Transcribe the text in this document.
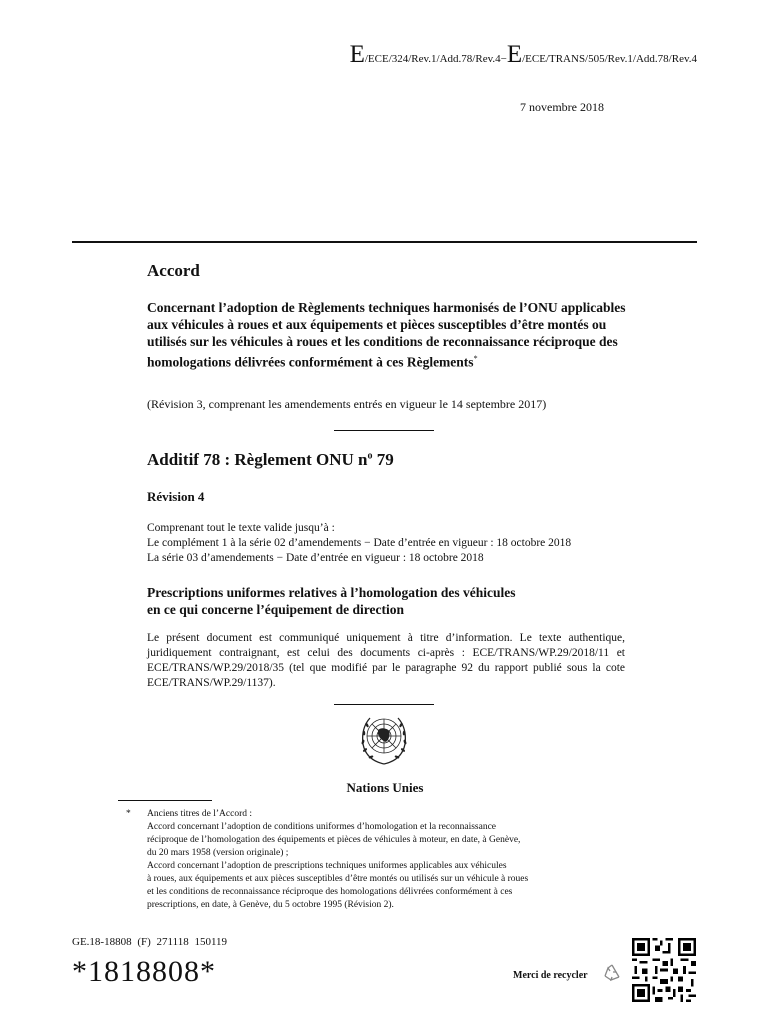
E/ECE/324/Rev.1/Add.78/Rev.4−E/ECE/TRANS/505/Rev.1/Add.78/Rev.4
7 novembre 2018
Accord
Concernant l’adoption de Règlements techniques harmonisés de l’ONU applicables aux véhicules à roues et aux équipements et pièces susceptibles d’être montés ou utilisés sur les véhicules à roues et les conditions de reconnaissance réciproque des homologations délivrées conformément à ces Règlements*
(Révision 3, comprenant les amendements entrés en vigueur le 14 septembre 2017)
Additif 78 : Règlement ONU $n^o$ 79
Révision 4
Comprenant tout le texte valide jusqu’à :
Le complément 1 à la série 02 d’amendements − Date d’entrée en vigueur : 18 octobre 2018
La série 03 d’amendements − Date d’entrée en vigueur : 18 octobre 2018
Prescriptions uniformes relatives à l’homologation des véhicules
en ce qui concerne l’équipement de direction
Le présent document est communiqué uniquement à titre d’information. Le texte authentique, juridiquement contraignant, est celui des documents ci-après : ECE/TRANS/WP.29/2018/11 et ECE/TRANS/WP.29/2018/35 (tel que modifié par le paragraphe 92 du rapport publié sous la cote ECE/TRANS/WP.29/1137).
Nations Unies
* Anciens titres de l’Accord :
Accord concernant l’adoption de conditions uniformes d’homologation et la reconnaissance
réciproque de l’homologation des équipements et pièces de véhicules à moteur, en date, à Genève,
du 20 mars 1958 (version originale) ;
Accord concernant l’adoption de prescriptions techniques uniformes applicables aux véhicules
à roues, aux équipements et aux pièces susceptibles d’être montés ou utilisés sur un véhicule à roues
et les conditions de reconnaissance réciproque des homologations délivrées conformément à ces
prescriptions, en date, à Genève, du 5 octobre 1995 (Révision 2).
GE.18-18808 (F) 271118 150119
*1818808*	Merci de recycler
